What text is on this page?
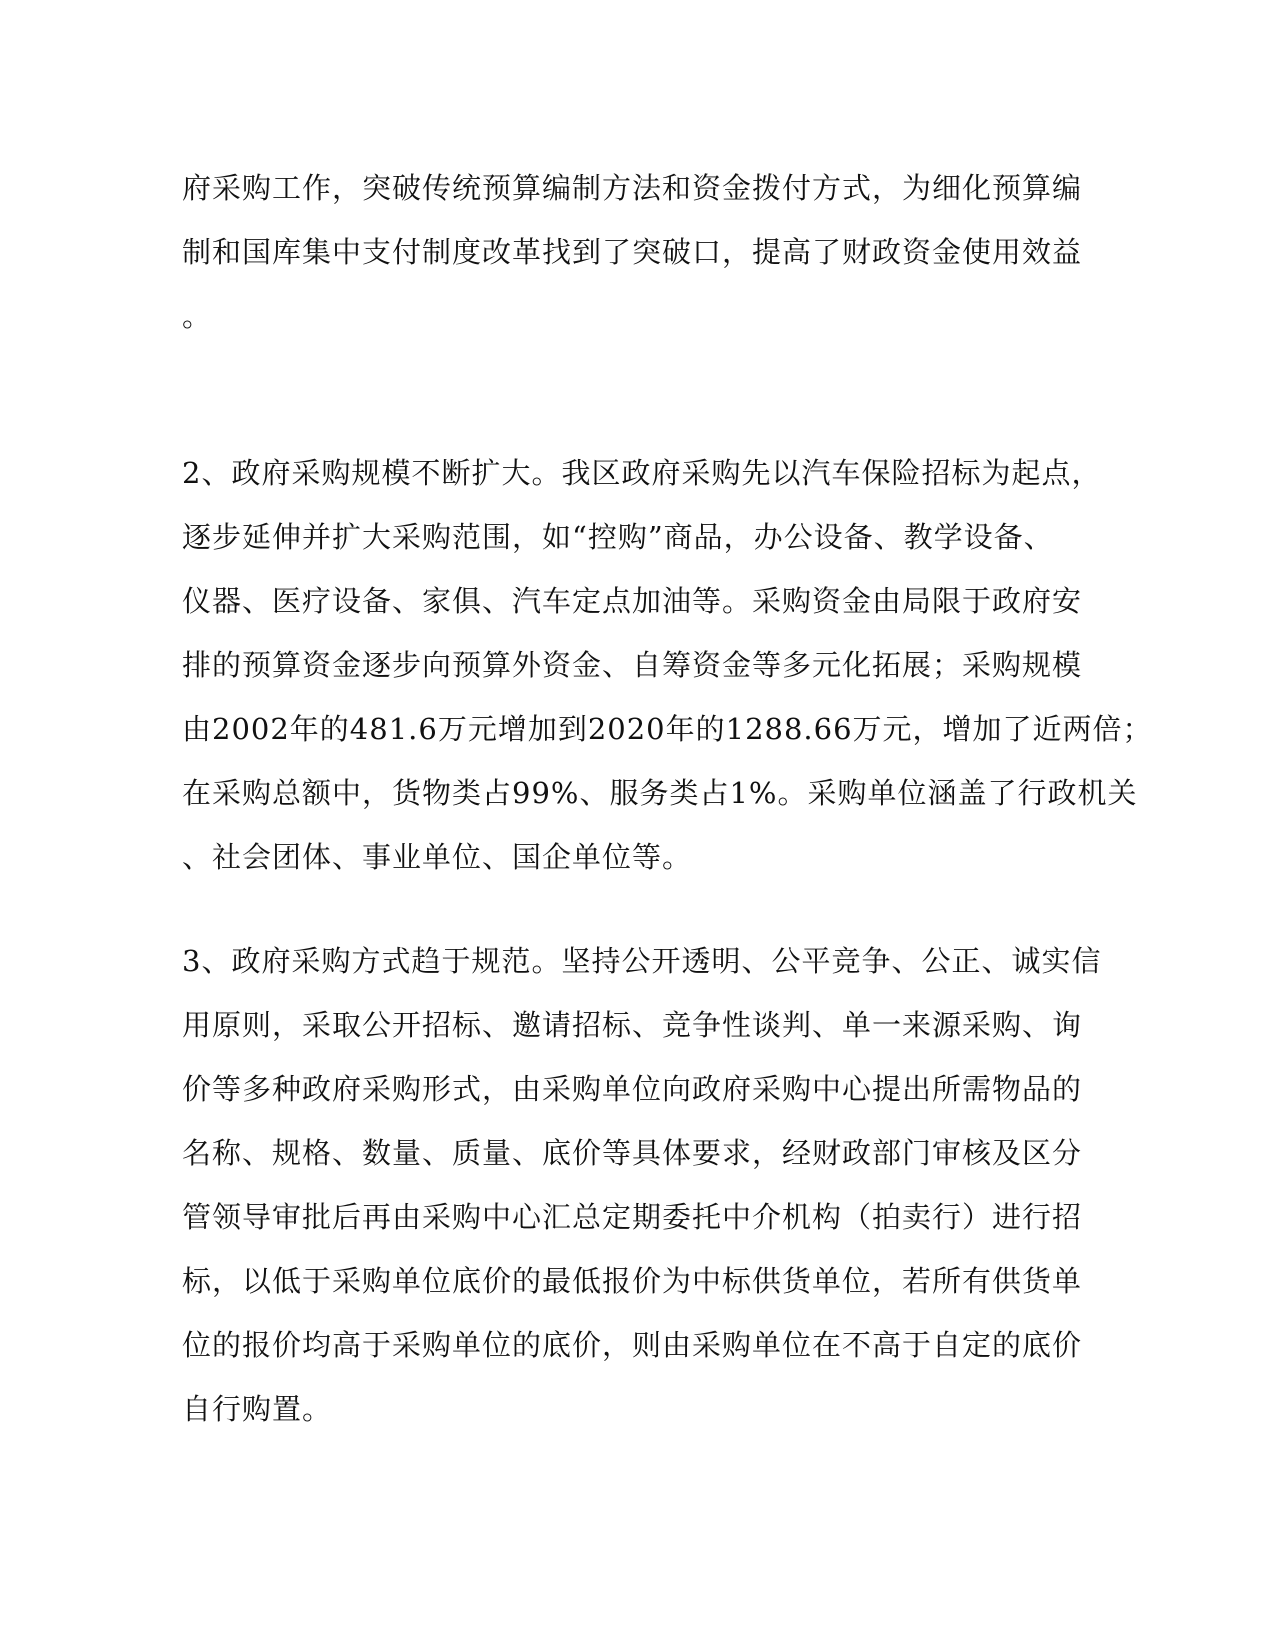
府采购工作，突破传统预算编制方法和资金拨付方式，为细化预算编
制和国库集中支付制度改革找到了突破口，提高了财政资金使用效益
。
2、政府采购规模不断扩大。我区政府采购先以汽车保险招标为起点，
逐步延伸并扩大采购范围，如“控购”商品，办公设备、教学设备、
仪器、医疗设备、家俱、汽车定点加油等。采购资金由局限于政府安
排的预算资金逐步向预算外资金、自筹资金等多元化拓展；采购规模
由2002年的481.6万元增加到2020年的1288.66万元，增加了近两倍；
在采购总额中，货物类占99%、服务类占1%。采购单位涵盖了行政机关
、社会团体、事业单位、国企单位等。
3、政府采购方式趋于规范。坚持公开透明、公平竞争、公正、诚实信
用原则，采取公开招标、邀请招标、竞争性谈判、单一来源采购、询
价等多种政府采购形式，由采购单位向政府采购中心提出所需物品的
名称、规格、数量、质量、底价等具体要求，经财政部门审核及区分
管领导审批后再由采购中心汇总定期委托中介机构（拍卖行）进行招
标，以低于采购单位底价的最低报价为中标供货单位，若所有供货单
位的报价均高于采购单位的底价，则由采购单位在不高于自定的底价
自行购置。
